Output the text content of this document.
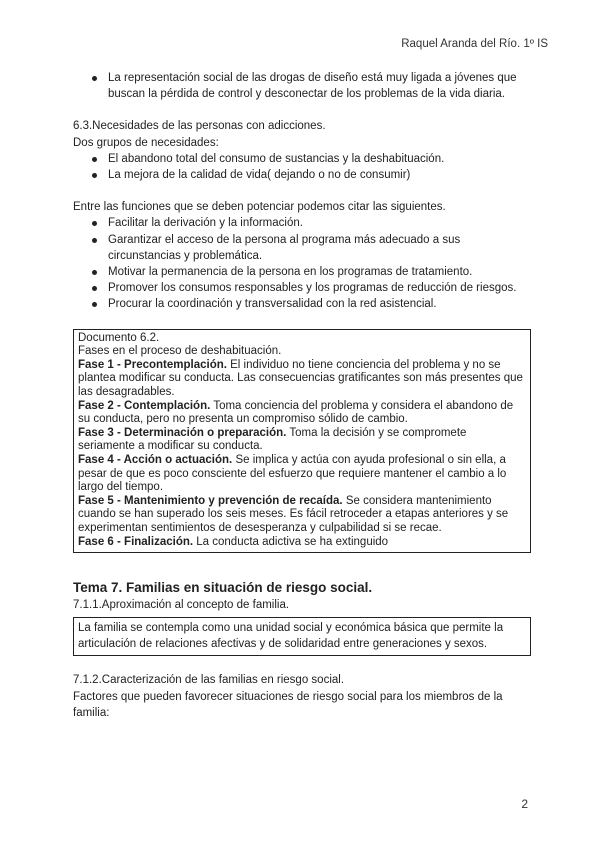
Raquel Aranda del Río. 1º IS
La representación social de las drogas de diseño está muy ligada a jóvenes que buscan la pérdida de control y desconectar de los problemas de la vida diaria.
6.3.Necesidades de las personas con adicciones.
Dos grupos de necesidades:
El abandono total del consumo de sustancias y la deshabituación.
La mejora de la calidad de vida( dejando o no de consumir)
Entre las funciones que se deben potenciar podemos citar las siguientes.
Facilitar la derivación y la información.
Garantizar el acceso de la persona al programa más adecuado a sus circunstancias y problemática.
Motivar la permanencia de la persona en los programas de tratamiento.
Promover los consumos responsables y los programas de reducción de riesgos.
Procurar la coordinación y transversalidad con la red asistencial.
Documento 6.2.
Fases en el proceso de deshabituación.
Fase 1 - Precontemplación. El individuo no tiene conciencia del problema y no se plantea modificar su conducta. Las consecuencias gratificantes son más presentes que las desagradables.
Fase 2 - Contemplación. Toma conciencia del problema y considera el abandono de su conducta, pero no presenta un compromiso sólido de cambio.
Fase 3 - Determinación o preparación. Toma la decisión y se compromete seriamente a modificar su conducta.
Fase 4 - Acción o actuación. Se implica y actúa con ayuda profesional o sin ella, a pesar de que es poco consciente del esfuerzo que requiere mantener el cambio a lo largo del tiempo.
Fase 5 - Mantenimiento y prevención de recaída. Se considera mantenimiento cuando se han superado los seis meses. Es fácil retroceder a etapas anteriores y se experimentan sentimientos de desesperanza y culpabilidad si se recae.
Fase 6 - Finalización. La conducta adictiva se ha extinguido
Tema 7. Familias en situación de riesgo social.
7.1.1.Aproximación al concepto de familia.
La familia se contempla como una unidad social y económica básica que permite la articulación de relaciones afectivas y de solidaridad entre generaciones y sexos.
7.1.2.Caracterización de las familias en riesgo social.
Factores que pueden favorecer situaciones de riesgo social para los miembros de la familia:
2
